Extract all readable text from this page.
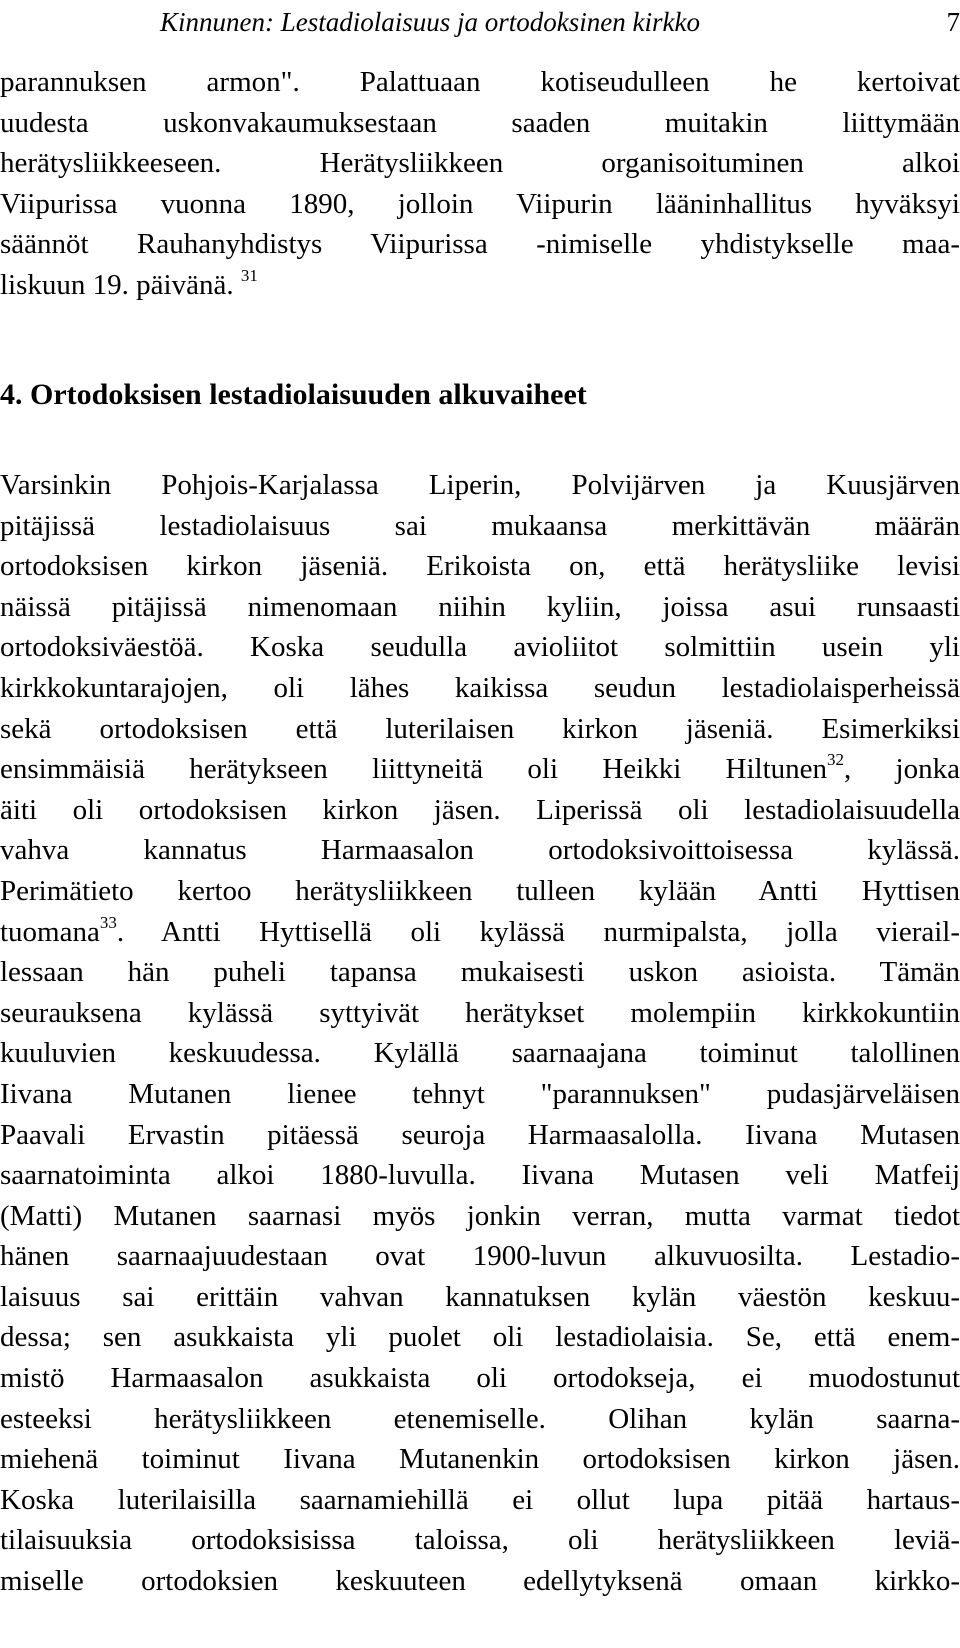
Kinnunen: Lestadiolaisuus ja ortodoksinen kirkko	7
parannuksen armon". Palattuaan kotiseudulleen he kertoivat
uudesta uskonvakaumuksestaan saaden muitakin liittymään
herätysliikkeeseen. Herätysliikkeen organisoituminen alkoi
Viipurissa vuonna 1890, jolloin Viipurin lääninhallitus hyväksyi
säännöt Rauhanyhdistys Viipurissa -nimiselle yhdistykselle maa-
liskuun 19. päivänä. $^{31}$
4. Ortodoksisen lestadiolaisuuden alkuvaiheet
Varsinkin Pohjois-Karjalassa Liperin, Polvijärven ja Kuusjärven
pitäjissä lestadiolaisuus sai mukaansa merkittävän määrän
ortodoksisen kirkon jäseniä. Erikoista on, että herätysliike levisi
näissä pitäjissä nimenomaan niihin kyliin, joissa asui runsaasti
ortodoksiväestöä. Koska seudulla avioliitot solmittiin usein yli
kirkkokuntarajojen, oli lähes kaikissa seudun lestadiolaisperheissä
sekä ortodoksisen että luterilaisen kirkon jäseniä. Esimerkiksi
ensimmäisiä herätykseen liittyneitä oli Heikki Hiltunen$^{32}$, jonka
äiti oli ortodoksisen kirkon jäsen. Liperissä oli lestadiolaisuudella
vahva kannatus Harmaasalon ortodoksivoittoisessa kylässä.
Perimätieto kertoo herätysliikkeen tulleen kylään Antti Hyttisen
tuomana$^{33}$. Antti Hyttisellä oli kylässä nurmipalsta, jolla vierail-
lessaan hän puheli tapansa mukaisesti uskon asioista. Tämän
seurauksena kylässä syttyivät herätykset molempiin kirkkokuntiin
kuuluvien keskuudessa. Kylällä saarnaajana toiminut talollinen
Iivana Mutanen lienee tehnyt "parannuksen" pudasjärveläisen
Paavali Ervastin pitäessä seuroja Harmaasalolla. Iivana Mutasen
saarnatoiminta alkoi 1880-luvulla. Iivana Mutasen veli Matfeij
(Matti) Mutanen saarnasi myös jonkin verran, mutta varmat tiedot
hänen saarnaajuudestaan ovat 1900-luvun alkuvuosilta. Lestadio-
laisuus sai erittäin vahvan kannatuksen kylän väestön keskuu-
dessa; sen asukkaista yli puolet oli lestadiolaisia. Se, että enem-
mistö Harmaasalon asukkaista oli ortodokseja, ei muodostunut
esteeksi herätysliikkeen etenemiselle. Olihan kylän saarna-
miehenä toiminut Iivana Mutanenkin ortodoksisen kirkon jäsen.
Koska luterilaisilla saarnamiehillä ei ollut lupa pitää hartaus-
tilaisuuksia ortodoksisissa taloissa, oli herätysliikkeen leviä-
miselle ortodoksien keskuuteen edellytyksenä omaan kirkko-
